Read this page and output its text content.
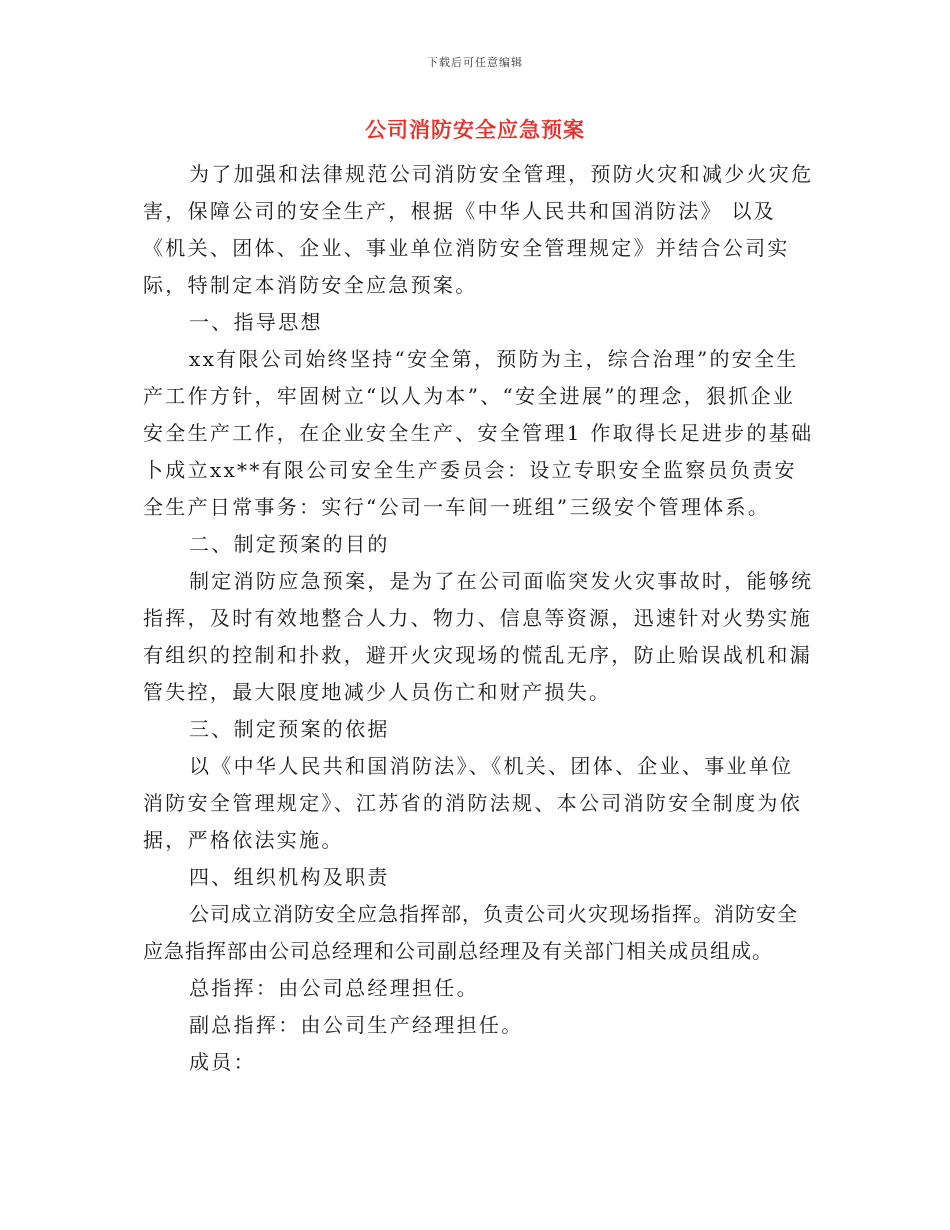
下载后可任意编辑
公司消防安全应急预案

为了加强和法律规范公司消防安全管理，预防火灾和减少火灾危害，保障公司的安全生产，根据《中华人民共和国消防法》 以及《机关、团体、企业、事业单位消防安全管理规定》并结合公司实际，特制定本消防安全应急预案。

一、指导思想

xx有限公司始终坚持“安全第，预防为主，综合治理”的安全生产工作方针，牢固树立“以人为本”、“安全进展”的理念，狠抓企业安全生产工作，在企业安全生产、安全管理1 作取得长足进步的基础卜成立xx**有限公司安全生产委员会：设立专职安全监察员负责安全生产日常事务：实行“公司一车间一班组”三级安个管理体系。

二、制定预案的目的

制定消防应急预案，是为了在公司面临突发火灾事故时，能够统指挥，及时有效地整合人力、物力、信息等资源，迅速针对火势实施有组织的控制和扑救，避开火灾现场的慌乱无序，防止贻误战机和漏管失控，最大限度地减少人员伤亡和财产损失。

三、制定预案的依据

以《中华人民共和国消防法》、《机关、团体、企业、事业单位消防安全管理规定》、江苏省的消防法规、本公司消防安全制度为依据，严格依法实施。

四、组织机构及职责

公司成立消防安全应急指挥部，负责公司火灾现场指挥。消防安全应急指挥部由公司总经理和公司副总经理及有关部门相关成员组成。

总指挥：由公司总经理担任。

副总指挥：由公司生产经理担任。

成员：
